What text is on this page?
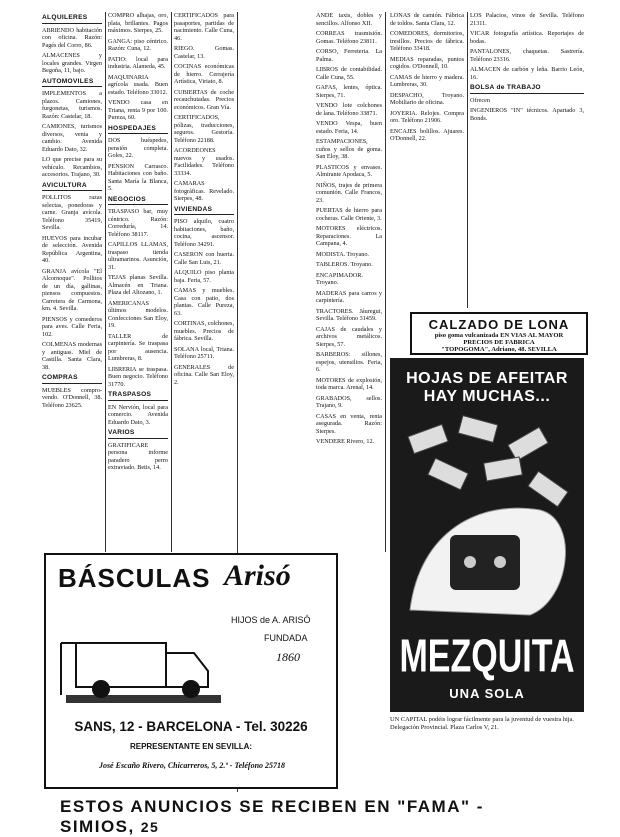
ALQUILERES
ABRIENDO habitación con oficina. Razón: Pagés del Corro, 86.
ALMACENES y locales grandes. Virgen Begoña, 11, bajo.
AUTOMOVILES
IMPLEMENTOS a plazos. Camiones, furgonetas, turismos. Razón: Castelar, 18.
CAMIONES, turismos diversos, venta y cambio. Avenida Eduardo Dato, 32.
LO que precise para su vehículo. Recambios, accesorios. Trajano, 30.
AVICULTURA
POLLITOS razas selectas, ponedoras y carne. Granja avícola. Teléfono 35419, Sevilla.
HUEVOS para incubar de selección. Avenida República Argentina, 40.
GRANJA avícola "El Alcornoque". Pollitos de un día, gallinas, piensos compuestos. Carretera de Carmona, km. 4. Sevilla.
PIENSOS y comederos para aves. Calle Feria, 102.
COLMENAS modernas y antiguas. Miel de Castilla. Santa Clara, 38.
COMPRAS
MUEBLES compro-vendo. O'Donnell, 38. Teléfono 23625.
COMPRO alhajas, oro, plata, brillantes. Pagos máximos. Sierpes, 25.
GANGA: piso céntrico. Razón: Cuna, 12.
PATIO: local para industria. Alameda, 45.
MAQUINARIA agrícola usada. Buen estado. Teléfono 33012.
VENDO casa en Triana, renta 9 por 100. Pureza, 60.
HOSPEDAJES
DOS huéspedes, pensión completa. Goles, 22.
PENSION Carrasco. Habitaciones con baño. Santa María la Blanca, 5.
NEGOCIOS
TRASPASO bar, muy céntrico. Razón: Correduría, 14. Teléfono 38117.
CAPILLOS LLAMAS, traspaso tienda ultramarinos. Asunción, 31.
TEJAS planas Sevilla. Almacén en Triana. Plaza del Altozano, 1.
AMERICANAS últimos modelos. Confecciones San Eloy, 19.
TALLER de carpintería. Se traspasa por ausencia. Lumbreras, 8.
LIBRERIA se traspasa. Buen negocio. Teléfono 31770.
TRASPASOS
EN Nervión, local para comercio. Avenida Eduardo Dato, 3.
VARIOS
GRATIFICARE persona informe paradero perro extraviado. Betis, 14.
CERTIFICADOS para pasaportes, partidas de nacimiento. Calle Cuna, 46.
RIEGO. Gomas. Castelar, 13.
COCINAS económicas de hierro. Cerrajería Artística, Viriato, 8.
CUBIERTAS de coche recauchutadas. Precios económicos. Gran Vía.
CERTIFICADOS, pólizas, traducciones, seguros. Gestoría. Teléfono 22188.
ACORDEONES nuevos y usados. Facilidades. Teléfono 33334.
CAMARAS fotográficas. Revelado. Sierpes, 48.
VIVIENDAS
PISO alquilo, cuatro habitaciones, baño, cocina, ascensor. Teléfono 34291.
CASERON con huerta. Calle San Luis, 21.
ALQUILO piso planta baja. Feria, 57.
CAMAS y muebles. Casa con patio, dos plantas. Calle Pureza, 63.
CORTINAS, colchones, muebles. Precios de fábrica. Sevilla.
SOLANA local, Triana. Teléfono 25711.
GENERALES de oficina. Calle San Eloy, 2.
ANDE taxis, dobles y sencillos. Alfonso XII.
CORREAS trasmisión. Gomas. Teléfono 23811.
CORSO, Ferreteria. La Palma.
LIBROS de contabilidad. Calle Cuna, 55.
GAFAS, lentes, óptica. Sierpes, 71.
VENDO lote colchones de lana. Teléfono 33871.
VENDO Vespa, buen estado. Feria, 14.
ESTAMPACIONES, cuños y sellos de goma. San Eloy, 38.
PLASTICOS y envases. Almirante Apodaca, 5.
NIÑOS, trajes de primera comunión. Calle Francos, 23.
PUERTAS de hierro para cocheras. Calle Oriente, 3.
MOTORES eléctricos. Reparaciones. La Campana, 4.
MODISTA. Troyano.
TABLEROS. Troyano.
ENCAPIMADOR. Troyano.
MADERAS para carros y carpintería.
TRACTORES. Jáuregui, Sevilla. Teléfono 31459.
CAJAS de caudales y archivos metálicos. Sierpes, 57.
BARBEROS: sillones, espejos, utensilios. Feria, 6.
MOTORES de explosión, toda marca. Arenal, 14.
GRABADOS, sellos. Trajano, 9.
CASAS en venta, renta asegurada. Razón: Sierpes.
VENDERE Rivero, 12.
LONAS de camión. Fábrica de toldos. Santa Clara, 12.
COMEDORES, dormitorios, tresillos. Precios de fábrica. Teléfono 33418.
MEDIAS reparadas, puntos cogidos. O'Donnell, 10.
CAMAS de hierro y madera. Lumbreras, 30.
DESPACHO, Troyano. Mobiliario de oficina.
JOYERIA. Relojes. Compra oro. Teléfono 21906.
ENCAJES bolillos. Ajuares. O'Donnell, 22.
LOS Palacios, vinos de Sevilla. Teléfono 21311.
VICAR fotografía artística. Reportajes de bodas.
PANTALONES, chaquetas. Sastrería. Teléfono 23316.
ALMACEN de carbón y leña. Barrio León, 16.
BOLSA de TRABAJO
Ofrecen
INGENIEROS "IN" técnicos. Apartado 3, Bonds.
BÁSCULAS Arisó
HIJOS de A. ARISÓ
FUNDADA
1860
SANS, 12 - BARCELONA - Tel. 30226
REPRESENTANTE EN SEVILLA:
José Escaño Rivero, Chicarreros, 5, 2.º - Teléfono 25718
CALZADO DE LONA
piso goma vulcanizada EN VIAS AL MAYOR
PRECIOS DE FABRICA
"TOPOGOMA", Adriano, 48. SEVILLA
HOJAS DE AFEITAR HAY MUCHAS...
MEZQUITA
UNA SOLA
UN CAPITAL podéis lograr fácilmente para la juventud de vuestra hija. Delegación Provincial. Plaza Carlos V, 21.
ESTOS ANUNCIOS SE RECIBEN EN "FAMA" - SIMIOS, 25
